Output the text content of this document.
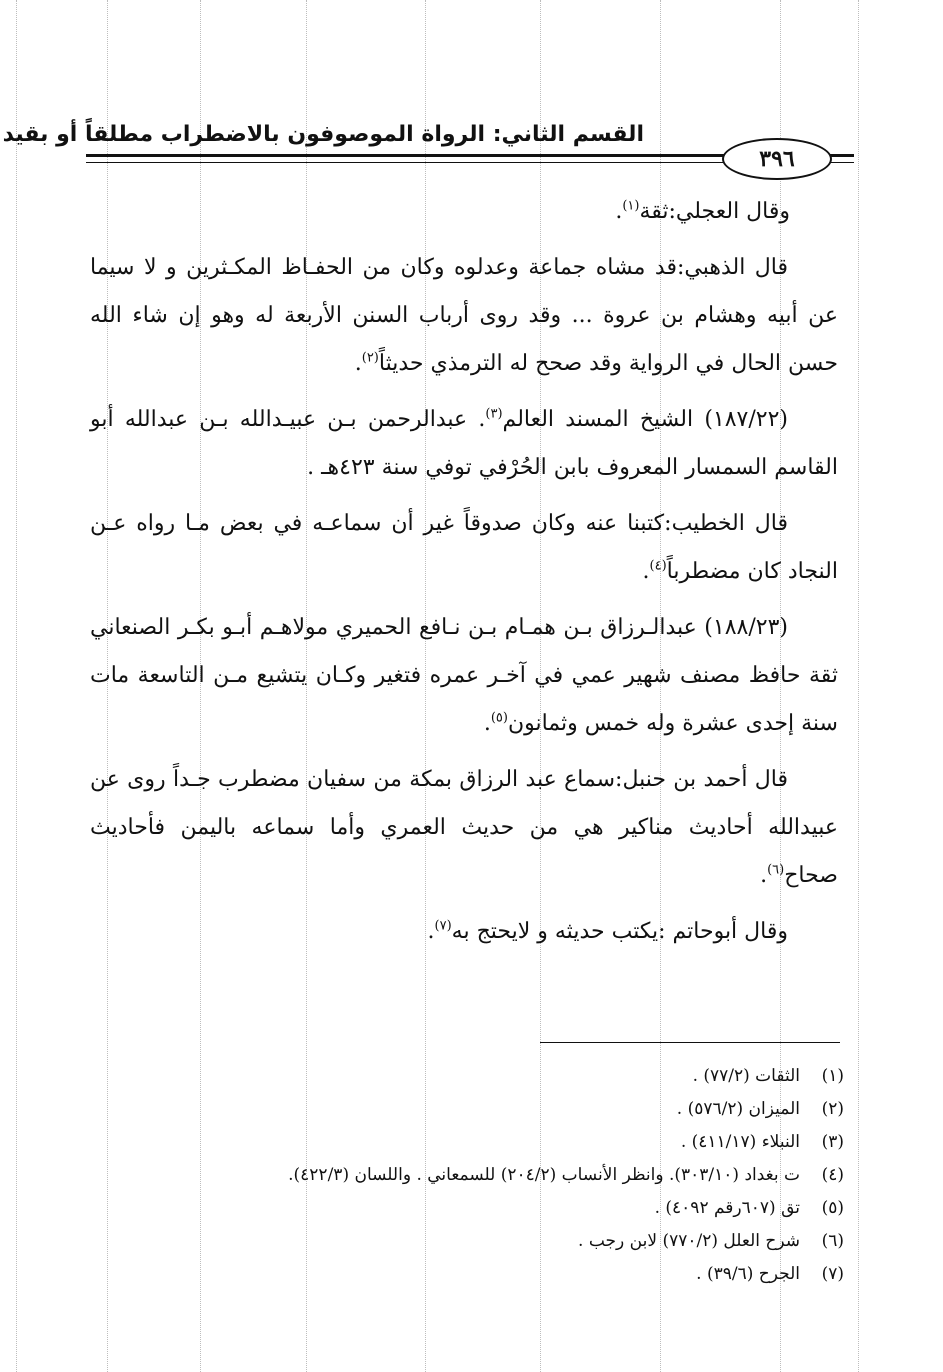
القسم الثاني: الرواة الموصوفون بالاضطراب مطلقاً أو بقيد
٣٩٦

وقال العجلي:ثقة$^{(١)}$.

قال الذهبي:قد مشاه جماعة وعدلوه وكان من الحفـاظ المكـثرين و لا سيما عن أبيه وهشام بن عروة ... وقد روى أرباب السنن الأربعة له وهو إن شاء الله حسن الحال في الرواية وقد صحح له الترمذي حديثاً$^{(٢)}$.

(١٨٧/٢٢) الشيخ المسند العالم$^{(٣)}$. عبدالرحمن بـن عبيـدالله بـن عبدالله أبو القاسم السمسار المعروف بابن الحُرْفي توفي سنة ٤٢٣هـ .

قال الخطيب:كتبنا عنه وكان صدوقاً غير أن سماعـه في بعض مـا رواه عـن النجاد كان مضطرباً$^{(٤)}$.

(١٨٨/٢٣) عبدالـرزاق بـن همـام بـن نـافع الحميري مولاهـم أبـو بكـر الصنعاني ثقة حافظ مصنف شهير عمي في آخـر عمره فتغير وكـان يتشيع مـن التاسعة مات سنة إحدى عشرة وله خمس وثمانون$^{(٥)}$.

قال أحمد بن حنبل:سماع عبد الرزاق بمكة من سفيان مضطرب جـداً روى عن عبيدالله أحاديث مناكير هي من حديث العمري وأما سماعه باليمن فأحاديث صحاح$^{(٦)}$.

وقال أبوحاتم :يكتب حديثه و لايحتج به$^{(٧)}$.

(١)الثقات (٧٧/٢) .
(٢)الميزان (٥٧٦/٢) .
(٣)النبلاء (٤١١/١٧) .
(٤)ت بغداد (٣٠٣/١٠). وانظر الأنساب (٢٠٤/٢) للسمعاني . واللسان (٤٢٢/٣).
(٥)تق (٦٠٧رقم ٤٠٩٢) .
(٦)شرح العلل (٧٧٠/٢) لابن رجب .
(٧)الجرح (٣٩/٦) .
